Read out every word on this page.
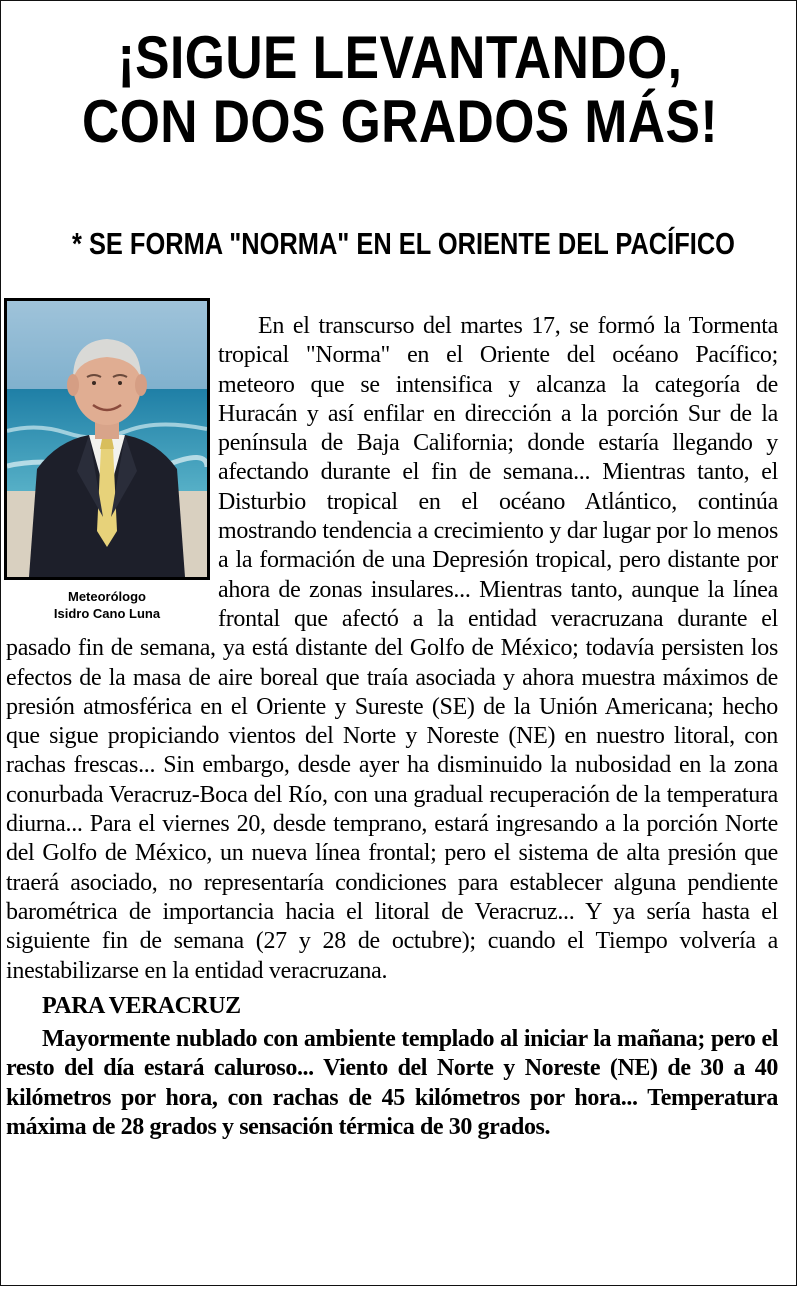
¡SIGUE LEVANTANDO,
CON DOS GRADOS MÁS!
* SE FORMA "NORMA" EN EL ORIENTE DEL PACÍFICO
Meteorólogo
Isidro Cano Luna

En el transcurso del martes 17, se formó la Tormenta tropical "Norma" en el Oriente del océano Pacífico; meteoro que se intensifica y alcanza la categoría de Huracán y así enfilar en dirección a la porción Sur de la península de Baja California; donde estaría llegando y afectando durante el fin de semana... Mientras tanto, el Disturbio tropical en el océano Atlántico, continúa mostrando tendencia a crecimiento y dar lugar por lo menos a la formación de una Depresión tropical, pero distante por ahora de zonas insulares... Mientras tanto, aunque la línea frontal que afectó a la entidad veracruzana durante el pasado fin de semana, ya está distante del Golfo de México; todavía persisten los efectos de la masa de aire boreal que traía asociada y ahora muestra máximos de presión atmosférica en el Oriente y Sureste (SE) de la Unión Americana; hecho que sigue propiciando vientos del Norte y Noreste (NE) en nuestro litoral, con rachas frescas... Sin embargo, desde ayer ha disminuido la nubosidad en la zona conurbada Veracruz-Boca del Río, con una gradual recuperación de la temperatura diurna... Para el viernes 20, desde temprano, estará ingresando a la porción Norte del Golfo de México, un nueva línea frontal; pero el sistema de alta presión que traerá asociado, no representaría condiciones para establecer alguna pendiente barométrica de importancia hacia el litoral de Veracruz... Y ya sería hasta el siguiente fin de semana (27 y 28 de octubre); cuando el Tiempo volvería a inestabilizarse en la entidad veracruzana.

PARA VERACRUZ

Mayormente nublado con ambiente templado al iniciar la mañana; pero el resto del día estará caluroso... Viento del Norte y Noreste (NE) de 30 a 40 kilómetros por hora, con rachas de 45 kilómetros por hora... Temperatura máxima de 28 grados y sensación térmica de 30 grados.
